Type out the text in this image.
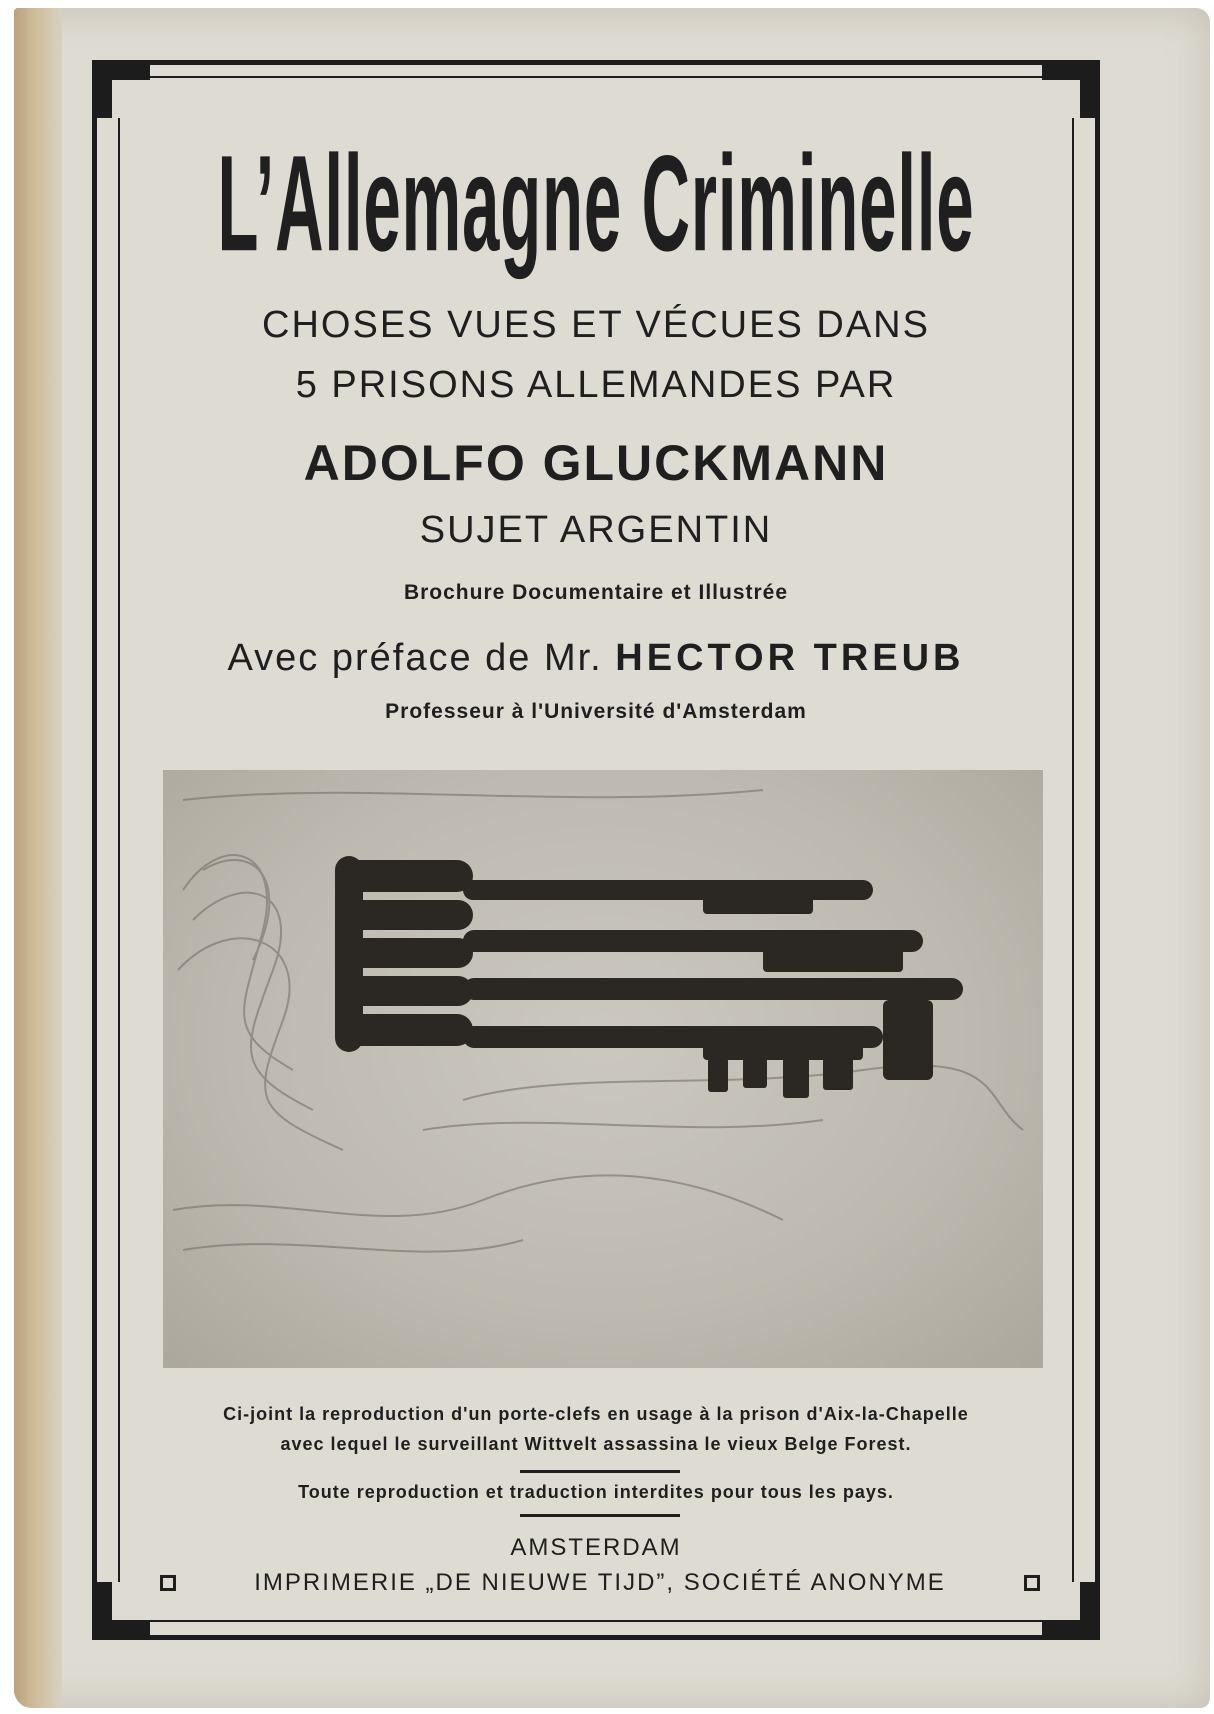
L’Allemagne Criminelle
CHOSES VUES ET VÉCUES DANS
5 PRISONS ALLEMANDES PAR
ADOLFO GLUCKMANN
SUJET ARGENTIN
Brochure Documentaire et Illustrée
Avec préface de Mr. HECTOR TREUB
Professeur à l'Université d'Amsterdam
Ci-joint la reproduction d'un porte-clefs en usage à la prison d'Aix-la-Chapelle
avec lequel le surveillant Wittvelt assassina le vieux Belge Forest.
Toute reproduction et traduction interdites pour tous les pays.
AMSTERDAM
IMPRIMERIE „DE NIEUWE TIJD”, SOCIÉTÉ ANONYME
